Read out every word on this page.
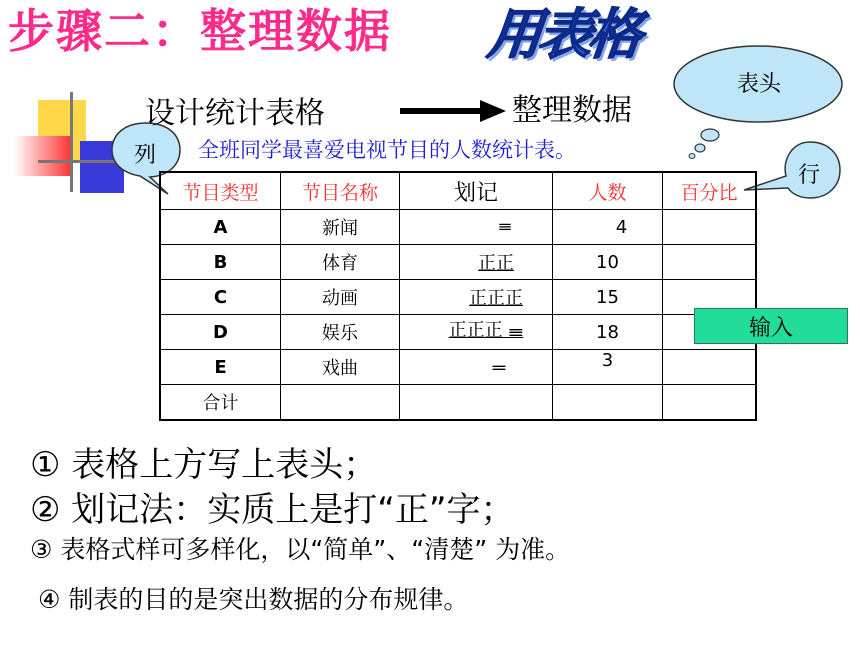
步骤二：整理数据 用表格
表头
列
行
设计统计表格	整理数据
全班同学最喜爱电视节目的人数统计表。
节目类型	节目名称	划记	人数	百分比
A	新闻	𝍢	4	
B	体育	正正	10	
C	动画	正正正	15	
D	娱乐	正正正 𝍢	18	
E	戏曲	𝍡	3	
合计				
输入
① 表格上方写上表头；
② 划记法：实质上是打“正”字；
③ 表格式样可多样化，以“简单”、“清楚” 为准。
④ 制表的目的是突出数据的分布规律。
